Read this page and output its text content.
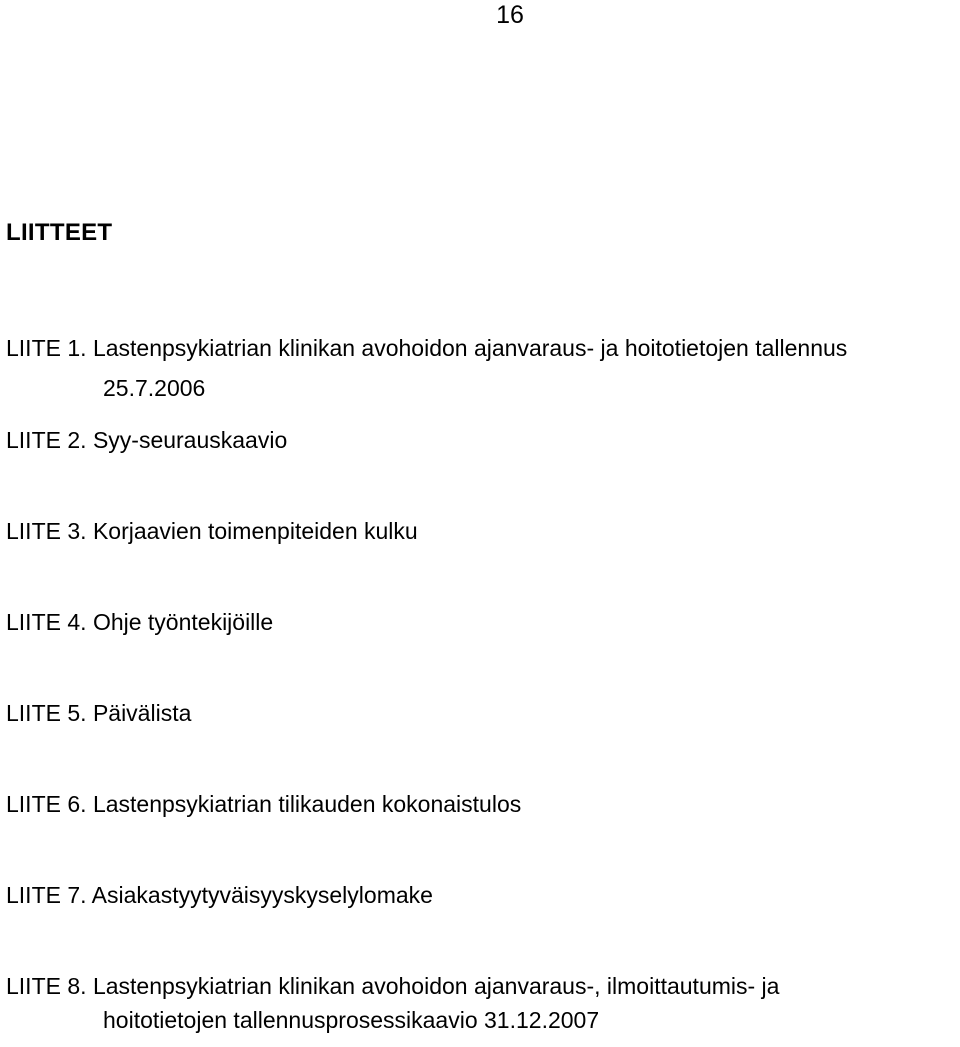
16
LIITTEET
LIITE 1. Lastenpsykiatrian klinikan avohoidon ajanvaraus- ja hoitotietojen tallennus
25.7.2006
LIITE 2. Syy-seurauskaavio
LIITE 3. Korjaavien toimenpiteiden kulku
LIITE 4. Ohje työntekijöille
LIITE 5. Päivälista
LIITE 6. Lastenpsykiatrian tilikauden kokonaistulos
LIITE 7. Asiakastyytyväisyyskyselylomake
LIITE 8. Lastenpsykiatrian klinikan avohoidon ajanvaraus-, ilmoittautumis- ja
hoitotietojen tallennusprosessikaavio 31.12.2007
